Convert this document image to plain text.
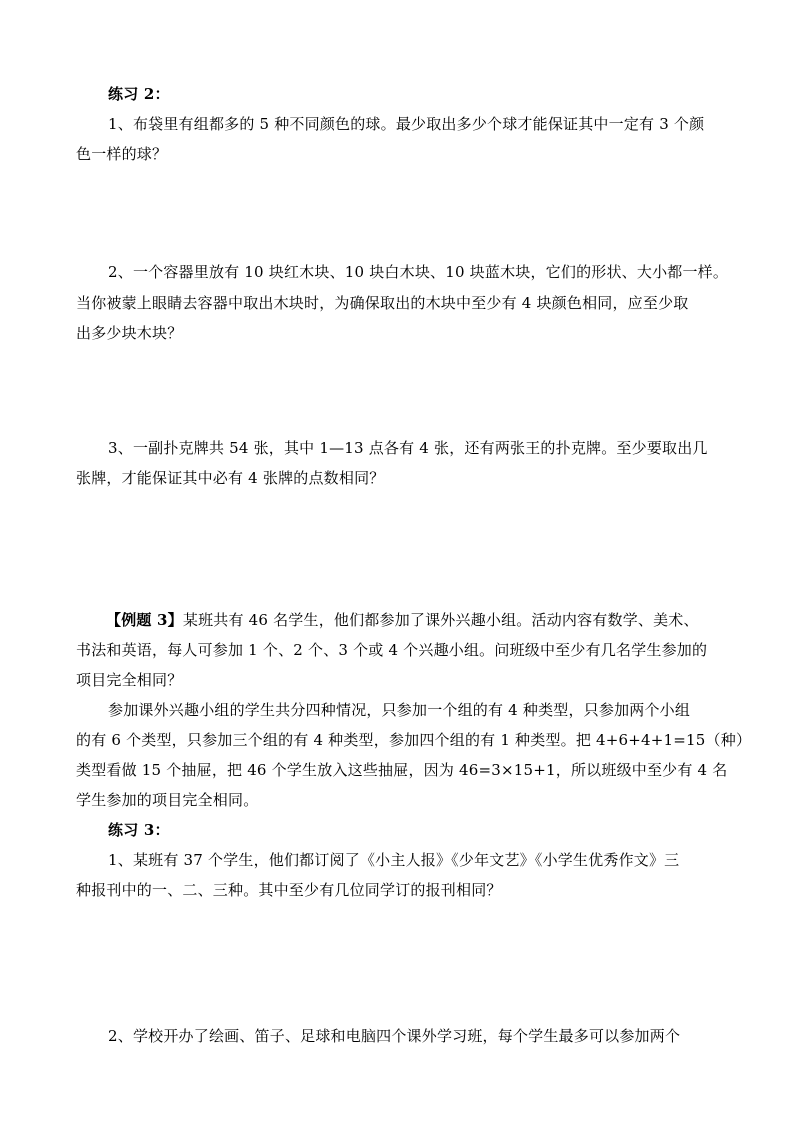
练习 2：
1、布袋里有组都多的 5 种不同颜色的球。最少取出多少个球才能保证其中一定有 3 个颜
色一样的球？
2、一个容器里放有 10 块红木块、10 块白木块、10 块蓝木块，它们的形状、大小都一样。
当你被蒙上眼睛去容器中取出木块时，为确保取出的木块中至少有 4 块颜色相同，应至少取
出多少块木块？
3、一副扑克牌共 54 张，其中 1—13 点各有 4 张，还有两张王的扑克牌。至少要取出几
张牌，才能保证其中必有 4 张牌的点数相同？
【例题 3】某班共有 46 名学生，他们都参加了课外兴趣小组。活动内容有数学、美术、
书法和英语，每人可参加 1 个、2 个、3 个或 4 个兴趣小组。问班级中至少有几名学生参加的
项目完全相同？
参加课外兴趣小组的学生共分四种情况，只参加一个组的有 4 种类型，只参加两个小组
的有 6 个类型，只参加三个组的有 4 种类型，参加四个组的有 1 种类型。把 4+6+4+1=15（种）
类型看做 15 个抽屉，把 46 个学生放入这些抽屉，因为 46=3×15+1，所以班级中至少有 4 名
学生参加的项目完全相同。
练习 3：
1、某班有 37 个学生，他们都订阅了《小主人报》《少年文艺》《小学生优秀作文》三
种报刊中的一、二、三种。其中至少有几位同学订的报刊相同？
2、学校开办了绘画、笛子、足球和电脑四个课外学习班，每个学生最多可以参加两个
